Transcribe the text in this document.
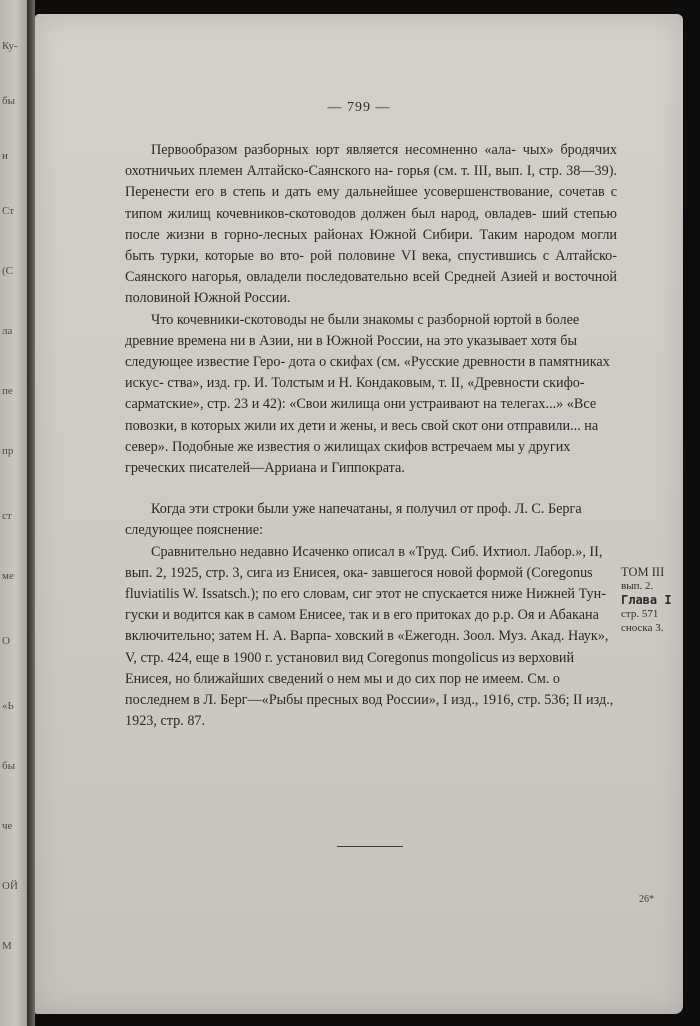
Ку-
бы
и
Ст
(С
ла
пе
пр
ст
ме
О
«Ь
бы
че
ОЙ
М
— 799 —

Первообразом разборных юрт является несомненно «ала- чых» бродячих охотничьих племен Алтайско-Саянского на- горья (см. т. III, вып. I, стр. 38—39). Перенести его в степь и дать ему дальнейшее усовершенствование, сочетав с типом жилищ кочевников-скотоводов должен был народ, овладев- ший степью после жизни в горно-лесных районах Южной Сибири. Таким народом могли быть турки, которые во вто- рой половине VI века, спустившись с Алтайско-Саянского нагорья, овладели последовательно всей Средней Азией и восточной половиной Южной России.

Что кочевники-скотоводы не были знакомы с разборной юртой в более древние времена ни в Азии, ни в Южной России, на это указывает хотя бы следующее известие Геро- дота о скифах (см. «Русские древности в памятниках искус- ства», изд. гр. И. Толстым и Н. Кондаковым, т. II, «Древности скифо-сарматские», стр. 23 и 42): «Свои жилища они устраивают на телегах...» «Все повозки, в которых жили их дети и жены, и весь свой скот они отправили... на север». Подобные же известия о жилищах скифов встречаем мы у других греческих писателей—Арриана и Гиппократа.

Когда эти строки были уже напечатаны, я получил от проф. Л. С. Берга следующее пояснение:

Сравнительно недавно Исаченко описал в «Труд. Сиб. Ихтиол. Лабор.», II, вып. 2, 1925, стр. 3, сига из Енисея, ока- завшегося новой формой (Coregonus fluviatilis W. Issatsch.); по его словам, сиг этот не спускается ниже Нижней Тун- гуски и водится как в самом Енисее, так и в его притоках до р.р. Оя и Абакана включительно; затем Н. А. Варпа- ховский в «Ежегодн. Зоол. Муз. Акад. Наук», V, стр. 424, еще в 1900 г. установил вид Coregonus mongolicus из верховий Енисея, но ближайших сведений о нем мы и до сих пор не имеем. См. о последнем в Л. Берг—«Рыбы пресных вод России», I изд., 1916, стр. 536; II изд., 1923, стр. 87.

ТОМ III
вып. 2.
Глава I
стр. 571
сноска 3.
26*
